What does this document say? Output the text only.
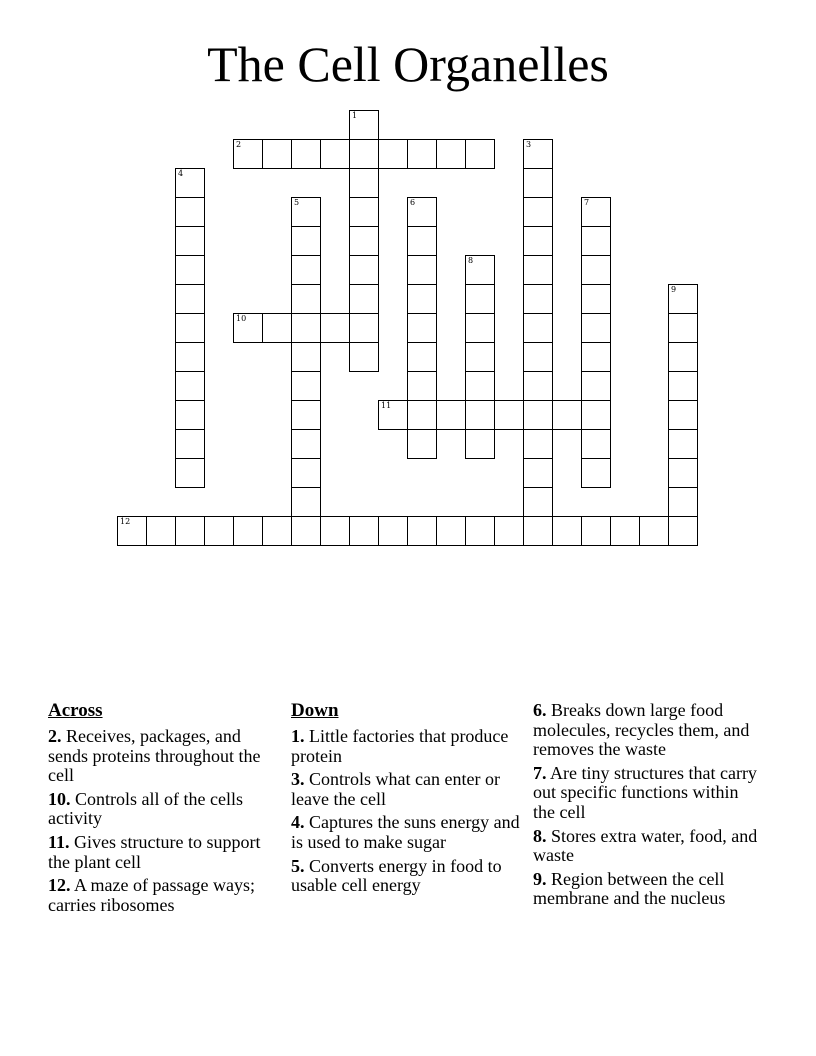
The Cell Organelles
1
2	3
4
5	6	7
8
9
10
11
12
Across
2. Receives, packages, and sends proteins throughout the cell
10. Controls all of the cells activity
11. Gives structure to support the plant cell
12. A maze of passage ways; carries ribosomes
Down
1. Little factories that produce protein
3. Controls what can enter or leave the cell
4. Captures the suns energy and is used to make sugar
5. Converts energy in food to usable cell energy
6. Breaks down large food molecules, recycles them, and removes the waste
7. Are tiny structures that carry out specific functions within the cell
8. Stores extra water, food, and waste
9. Region between the cell membrane and the nucleus
